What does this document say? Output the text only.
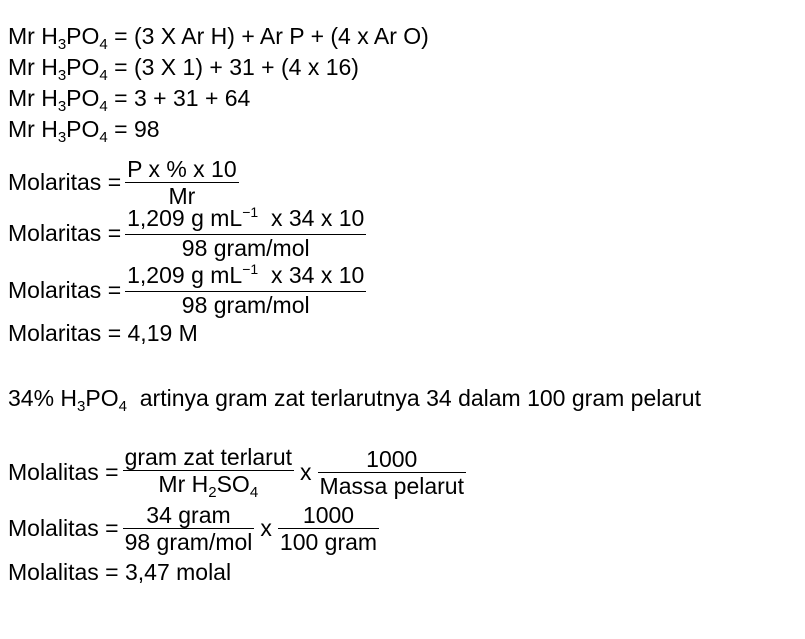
Mr $H_3PO_4 = (3$ X Ar H) + Ar P + (4 x Ar O)
Mr $H_3PO_4 = (3$ X 1) + 31 + (4 x 16)
Mr $H_3PO_4 = 3 + 31 + 64$
Mr $H_3PO_4 = 98$
Molaritas = $\frac{\text{P x \% x 10}}{Mr}$
Molaritas = $\frac{1,209 g mL^{-1} x 34 x 10}{\text{98 gram/mol}}$
Molaritas = $\frac{1,209 g mL^{-1} x 34 x 10}{\text{98 gram/mol}}$
Molaritas = 4,19 M
34% $H_3PO_4$  artinya gram zat terlarutnya 34 dalam 100 gram pelarut
Molalitas = $\frac{\text{gram zat terlarut}}{Mr H_2SO_4}$ x $\frac{1000}{\text{Massa pelarut}}$
Molalitas = $\frac{\text{34 gram}}{\text{98 gram/mol}}$ x $\frac{1000}{\text{100 gram}}$
Molalitas = 3,47 molal
